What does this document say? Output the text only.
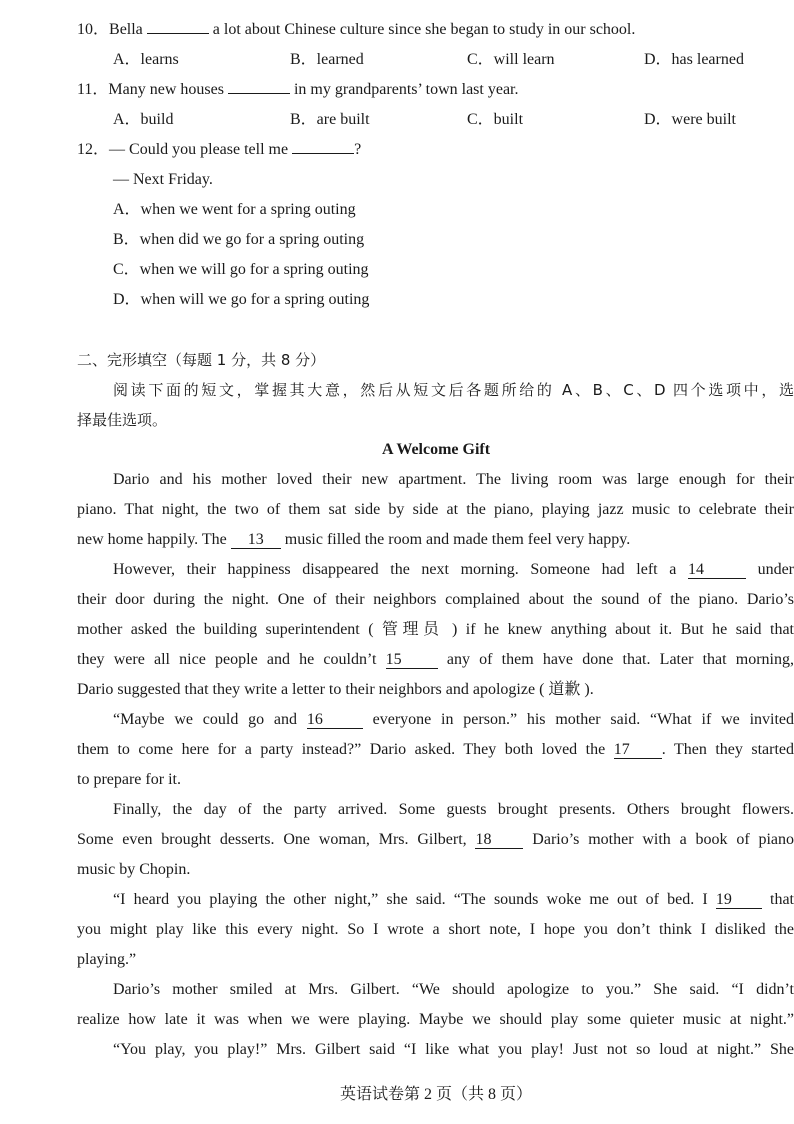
10．Bella	a lot about Chinese culture since she began to study in our school.
A．learns	B．learned	C．will learn	D．has learned
11．Many new houses	in my grandparents’ town last year.
A．build	B．are built	C．built	D．were built
12．— Could you please tell me	?
— Next Friday.
A．when we went for a spring outing
B．when did we go for a spring outing
C．when we will go for a spring outing
D．when will we go for a spring outing
二、完形填空（每题 1 分，共 8 分）
阅读下面的短文，掌握其大意，然后从短文后各题所给的 A、B、C、D 四个选项中，选
择最佳选项。
A Welcome Gift
Dario and his mother loved their new apartment. The living room was large enough for their
piano. That night, the two of them sat side by side at the piano, playing jazz music to celebrate their
new home happily. The 13 music filled the room and made them feel very happy.
However, their happiness disappeared the next morning. Someone had left a 14	under
their door during the night. One of their neighbors complained about the sound of the piano. Dario’s
mother asked the building superintendent ( 管理员 ) if he knew anything about it. But he said that
they were all nice people and he couldn’t 15 any of them have done that. Later that morning,
Dario suggested that they write a letter to their neighbors and apologize ( 道歉 ).
“Maybe we could go and 16	everyone in person.” his mother said. “What if we invited
them to come here for a party instead?” Dario asked. They both loved the 17 . Then they started
to prepare for it.
Finally, the day of the party arrived. Some guests brought presents. Others brought flowers.
Some even brought desserts. One woman, Mrs. Gilbert, 18 Dario’s mother with a book of piano
music by Chopin.
“I heard you playing the other night,” she said. “The sounds woke me out of bed. I 19 that
you might play like this every night. So I wrote a short note, I hope you don’t think I disliked the
playing.”
Dario’s mother smiled at Mrs. Gilbert. “We should apologize to you.” She said. “I didn’t
realize how late it was when we were playing. Maybe we should play some quieter music at night.”
“You play, you play!” Mrs. Gilbert said “I like what you play! Just not so loud at night.” She
英语试卷第 2 页（共 8 页）
